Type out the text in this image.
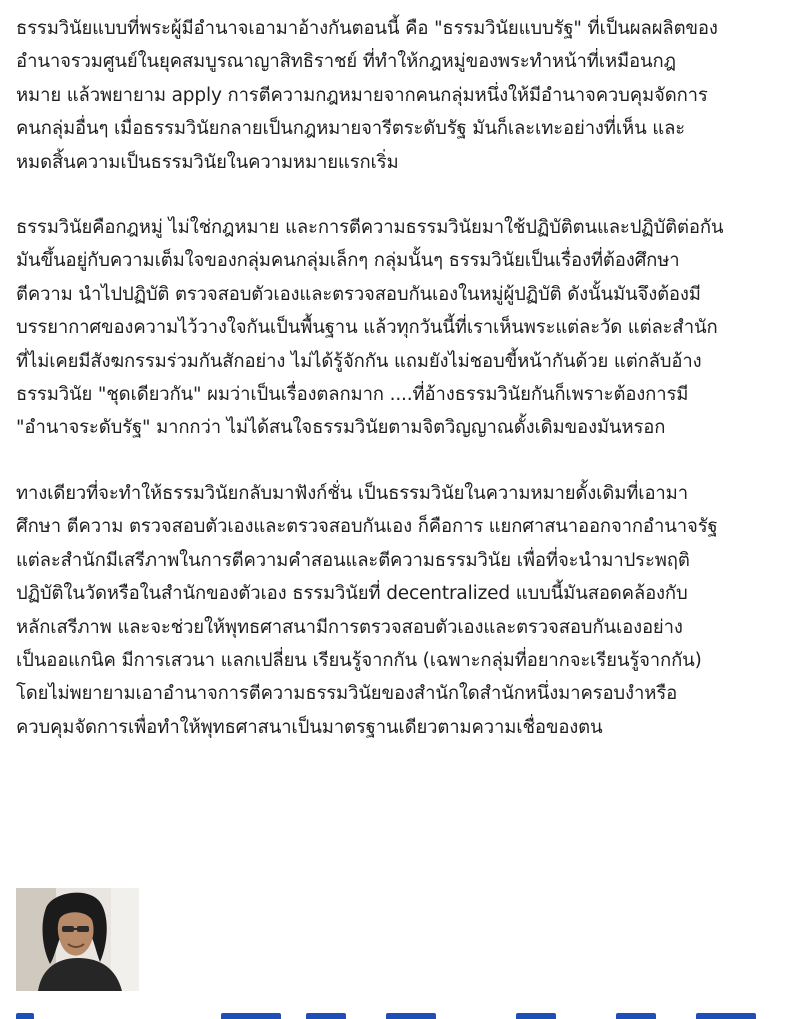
ธรรมวินัยแบบที่พระผู้มีอำนาจเอามาอ้างกันตอนนี้ คือ "ธรรมวินัยแบบรัฐ" ที่เป็นผลผลิตของ
อำนาจรวมศูนย์ในยุคสมบูรณาญาสิทธิราชย์ ที่ทำให้กฎหมู่ของพระทำหน้าที่เหมือนกฎ
หมาย แล้วพยายาม apply การตีความกฎหมายจากคนกลุ่มหนึ่งให้มีอำนาจควบคุมจัดการ
คนกลุ่มอื่นๆ เมื่อธรรมวินัยกลายเป็นกฎหมายจารีตระดับรัฐ มันก็เละเทะอย่างที่เห็น และ
หมดสิ้นความเป็นธรรมวินัยในความหมายแรกเริ่ม

ธรรมวินัยคือกฎหมู่ ไม่ใช่กฎหมาย และการตีความธรรมวินัยมาใช้ปฏิบัติตนและปฏิบัติต่อกัน
มันขึ้นอยู่กับความเต็มใจของกลุ่มคนกลุ่มเล็กๆ กลุ่มนั้นๆ ธรรมวินัยเป็นเรื่องที่ต้องศึกษา
ตีความ นำไปปฏิบัติ ตรวจสอบตัวเองและตรวจสอบกันเองในหมู่ผู้ปฏิบัติ ดังนั้นมันจึงต้องมี
บรรยากาศของความไว้วางใจกันเป็นพื้นฐาน แล้วทุกวันนี้ที่เราเห็นพระแต่ละวัด แต่ละสำนัก
ที่ไม่เคยมีสังฆกรรมร่วมกันสักอย่าง ไม่ได้รู้จักกัน แถมยังไม่ชอบขี้หน้ากันด้วย แต่กลับอ้าง
ธรรมวินัย "ชุดเดียวกัน" ผมว่าเป็นเรื่องตลกมาก ....ที่อ้างธรรมวินัยกันก็เพราะต้องการมี
"อำนาจระดับรัฐ" มากกว่า ไม่ได้สนใจธรรมวินัยตามจิตวิญญาณดั้งเดิมของมันหรอก

ทางเดียวที่จะทำให้ธรรมวินัยกลับมาฟังก์ชั่น เป็นธรรมวินัยในความหมายดั้งเดิมที่เอามา
ศึกษา ตีความ ตรวจสอบตัวเองและตรวจสอบกันเอง ก็คือการ แยกศาสนาออกจากอำนาจรัฐ
แต่ละสำนักมีเสรีภาพในการตีความคำสอนและตีความธรรมวินัย เพื่อที่จะนำมาประพฤติ
ปฏิบัติในวัดหรือในสำนักของตัวเอง ธรรมวินัยที่ decentralized แบบนี้มันสอดคล้องกับ
หลักเสรีภาพ และจะช่วยให้พุทธศาสนามีการตรวจสอบตัวเองและตรวจสอบกันเองอย่าง
เป็นออแกนิค มีการเสวนา แลกเปลี่ยน เรียนรู้จากกัน (เฉพาะกลุ่มที่อยากจะเรียนรู้จากกัน)
โดยไม่พยายามเอาอำนาจการตีความธรรมวินัยของสำนักใดสำนักหนึ่งมาครอบงำหรือ
ควบคุมจัดการเพื่อทำให้พุทธศาสนาเป็นมาตรฐานเดียวตามความเชื่อของตน
